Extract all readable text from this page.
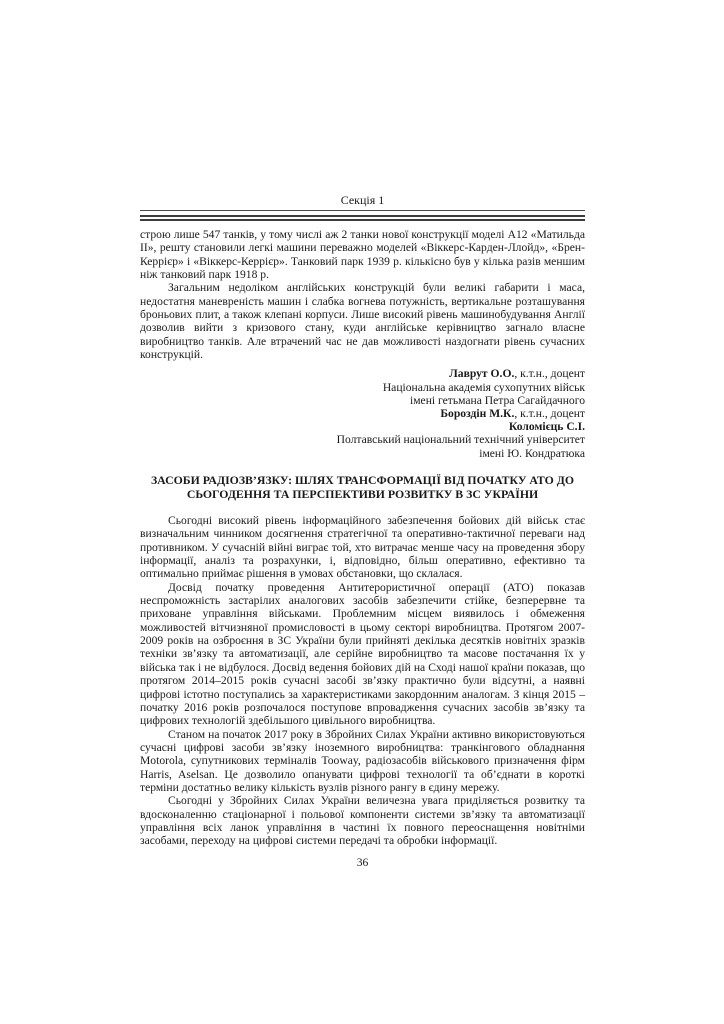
Секція 1

строю лише 547 танків, у тому числі аж 2 танки нової конструкції моделі А12 «Матильда II», решту становили легкі машини переважно моделей «Віккерс-Карден-Ллойд», «Брен-Керрієр» і «Віккерс-Керрієр». Танковий парк 1939 р. кількісно був у кілька разів меншим ніж танковий парк 1918 р.

Загальним недоліком англійських конструкцій були великі габарити і маса, недостатня маневреність машин і слабка вогнева потужність, вертикальне розташування броньових плит, а також клепані корпуси. Лише високий рівень машинобудування Англії дозволив вийти з кризового стану, куди англійське керівництво загнало власне виробництво танків. Але втрачений час не дав можливості наздогнати рівень сучасних конструкцій.

Лаврут О.О., к.т.н., доцент
Національна академія сухопутних військ
імені гетьмана Петра Сагайдачного
Бороздін М.К., к.т.н., доцент
Коломієць С.І.
Полтавський національний технічний університет
імені Ю. Кондратюка
ЗАСОБИ РАДІОЗВ’ЯЗКУ: ШЛЯХ ТРАНСФОРМАЦІЇ ВІД ПОЧАТКУ АТО ДО СЬОГОДЕННЯ ТА ПЕРСПЕКТИВИ РОЗВИТКУ В ЗС УКРАЇНИ

Сьогодні високий рівень інформаційного забезпечення бойових дій військ стає визначальним чинником досягнення стратегічної та оперативно-тактичної переваги над противником. У сучасній війні виграє той, хто витрачає менше часу на проведення збору інформації, аналіз та розрахунки, і, відповідно, більш оперативно, ефективно та оптимально приймає рішення в умовах обстановки, що склалася.

Досвід початку проведення Антитерористичної операції (АТО) показав неспроможність застарілих аналогових засобів забезпечити стійке, безперервне та приховане управління військами. Проблемним місцем виявилось і обмеження можливостей вітчизняної промисловості в цьому секторі виробництва. Протягом 2007-2009 років на озброєння в ЗС України були прийняті декілька десятків новітніх зразків техніки зв’язку та автоматизації, але серійне виробництво та масове постачання їх у війська так і не відбулося. Досвід ведення бойових дій на Сході нашої країни показав, що протягом 2014–2015 років сучасні засобі зв’язку практично були відсутні, а наявні цифрові істотно поступались за характеристиками закордонним аналогам. З кінця 2015 – початку 2016 років розпочалося поступове впровадження сучасних засобів зв’язку та цифрових технологій здебільшого цивільного виробництва.

Станом на початок 2017 року в Збройних Силах України активно використовуються сучасні цифрові засоби зв’язку іноземного виробництва: транкінгового обладнання Motorola, супутникових терміналів Tooway, радіозасобів військового призначення фірм Harris, Aselsan. Це дозволило опанувати цифрові технології та об’єднати в короткі терміни достатньо велику кількість вузлів різного рангу в єдину мережу.

Сьогодні у Збройних Силах України величезна увага приділяється розвитку та вдосконаленню стаціонарної і польової компоненти системи зв’язку та автоматизації управління всіх ланок управління в частині їх повного переоснащення новітніми засобами, переходу на цифрові системи передачі та обробки інформації.

36
